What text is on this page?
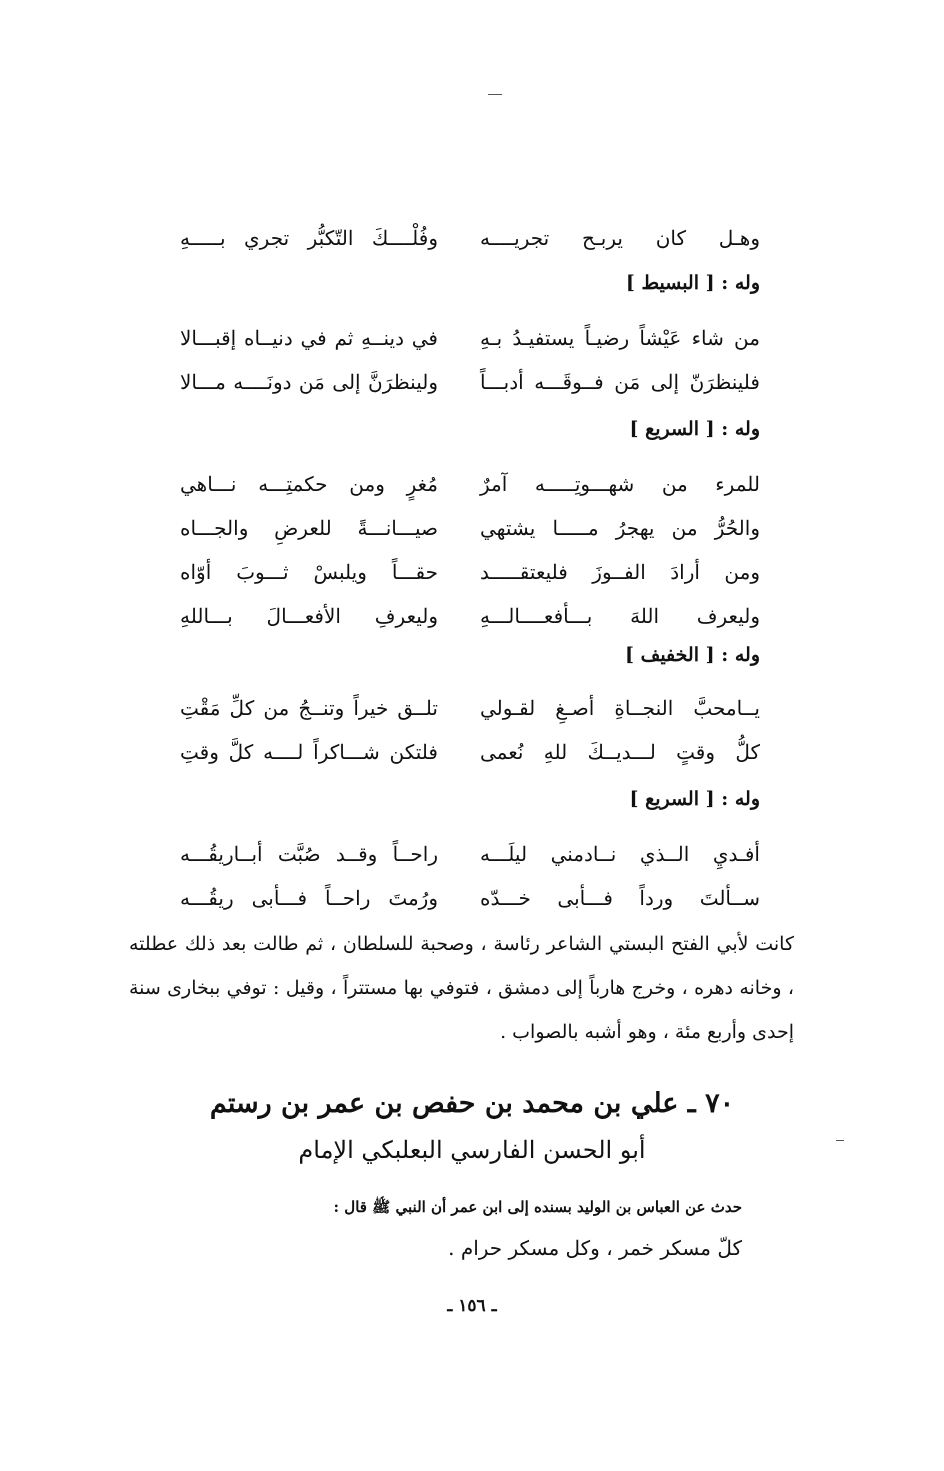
وهـل كان يربـح تجريــــه
وفُلْــــكَ التّكبُّر تجري بـــــهِ
وله : [ البسيط ]
من شاء عَيْشاً رضيـاً يستفيـدُ بـهِ
في دينــهِ ثم في دنيــاه إقبـــالا
فلينظرَنّ إلى مَن فــوقَـــه أدبـــاً
ولينظرَنَّ إلى مَن دونَــــه مـــالا
وله : [ السريع ]
للمرء من شهـــوتِـــــه آمرٌ
مُغرٍ ومن حكمتِـــه نـــاهي
والحُرُّ من يهجرُ مـــــا يشتهي
صيـــانـــةً للعرضِ والجـــاه
ومن أرادَ الفــوزَ فليعتقـــــد
حقـــاً ويلبسْ ثـــوبَ أوّاه
وليعرف اللهَ بـــأفعــــالـــهِ
وليعرفِ الأفعـــالَ بـــاللهِ
وله : [ الخفيف ]
يــامحبَّ النجــاةِ أصـغِ لقـولي
تلــق خيراً وتنــجُ من كلِّ مَقْتِ
كلُّ وقتٍ لـــديــكَ للهِ نُعمى
فلتكن شـــاكراً لــــه كلَّ وقتِ
وله : [ السريع ]
أفـديِ الــذي نــادمني ليلَـــه
راحــاً وقــد صُبَّت أبــاريقُـــه
ســألتَ ورداً فـــأبى خـــدّه
ورُمتَ راحــاً فـــأبى ريقُـــه

كانت لأبي الفتح البستي الشاعر رئاسة ، وصحبة للسلطان ، ثم طالت بعد ذلك عطلته ، وخانه دهره ، وخرج هارباً إلى دمشق ، فتوفي بها مستتراً ، وقيل : توفي ببخارى سنة إحدى وأربع مئة ، وهو أشبه بالصواب .

٧٠ ـ علي بن محمد بن حفص بن عمر بن رستم
أبو الحسن الفارسي البعلبكي الإمام
حدث عن العباس بن الوليد بسنده إلى ابن عمر أن النبي ﷺ قال :
كلّ مسكر خمر ، وكل مسكر حرام .
ـ ١٥٦ ـ
